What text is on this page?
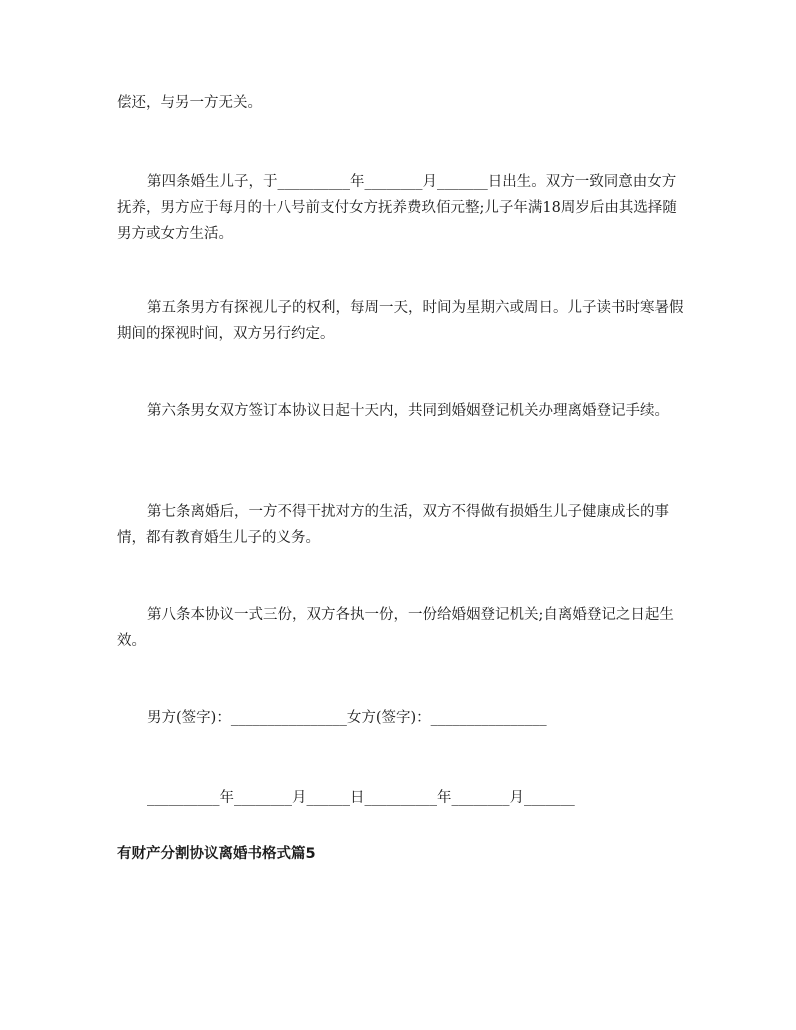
偿还，与另一方无关。

第四条婚生儿子，于__________年________月_______日出生。双方一致同意由女方抚养，男方应于每月的十八号前支付女方抚养费玖佰元整;儿子年满18周岁后由其选择随男方或女方生活。

第五条男方有探视儿子的权利，每周一天，时间为星期六或周日。儿子读书时寒暑假期间的探视时间，双方另行约定。

第六条男女双方签订本协议日起十天内，共同到婚姻登记机关办理离婚登记手续。

第七条离婚后，一方不得干扰对方的生活，双方不得做有损婚生儿子健康成长的事情，都有教育婚生儿子的义务。

第八条本协议一式三份，双方各执一份，一份给婚姻登记机关;自离婚登记之日起生效。

男方(签字)：________________女方(签字)：________________

__________年________月______日__________年________月_______

有财产分割协议离婚书格式篇5
